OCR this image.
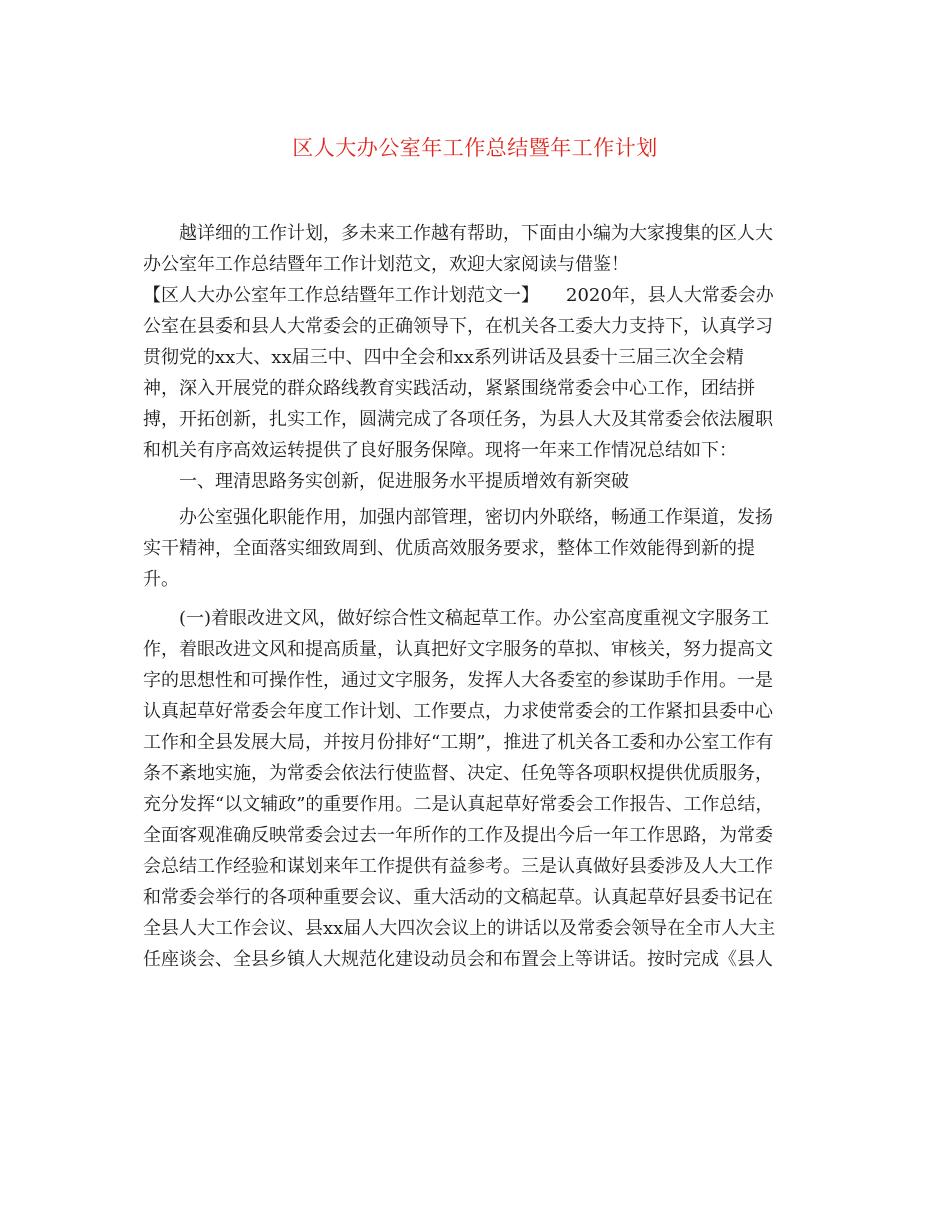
区人大办公室年工作总结暨年工作计划
越详细的工作计划，多未来工作越有帮助，下面由小编为大家搜集的区人大
办公室年工作总结暨年工作计划范文，欢迎大家阅读与借鉴！
【区人大办公室年工作总结暨年工作计划范文一】　　2020年，县人大常委会办
公室在县委和县人大常委会的正确领导下，在机关各工委大力支持下，认真学习
贯彻党的xx大、xx届三中、四中全会和xx系列讲话及县委十三届三次全会精
神，深入开展党的群众路线教育实践活动，紧紧围绕常委会中心工作，团结拼
搏，开拓创新，扎实工作，圆满完成了各项任务，为县人大及其常委会依法履职
和机关有序高效运转提供了良好服务保障。现将一年来工作情况总结如下：
一、理清思路务实创新，促进服务水平提质增效有新突破
办公室强化职能作用，加强内部管理，密切内外联络，畅通工作渠道，发扬
实干精神，全面落实细致周到、优质高效服务要求，整体工作效能得到新的提
升。
(一)着眼改进文风，做好综合性文稿起草工作。办公室高度重视文字服务工
作，着眼改进文风和提高质量，认真把好文字服务的草拟、审核关，努力提高文
字的思想性和可操作性，通过文字服务，发挥人大各委室的参谋助手作用。一是
认真起草好常委会年度工作计划、工作要点，力求使常委会的工作紧扣县委中心
工作和全县发展大局，并按月份排好“工期”，推进了机关各工委和办公室工作有
条不紊地实施，为常委会依法行使监督、决定、任免等各项职权提供优质服务，
充分发挥“以文辅政”的重要作用。二是认真起草好常委会工作报告、工作总结，
全面客观准确反映常委会过去一年所作的工作及提出今后一年工作思路，为常委
会总结工作经验和谋划来年工作提供有益参考。三是认真做好县委涉及人大工作
和常委会举行的各项种重要会议、重大活动的文稿起草。认真起草好县委书记在
全县人大工作会议、县xx届人大四次会议上的讲话以及常委会领导在全市人大主
任座谈会、全县乡镇人大规范化建设动员会和布置会上等讲话。按时完成《县人
